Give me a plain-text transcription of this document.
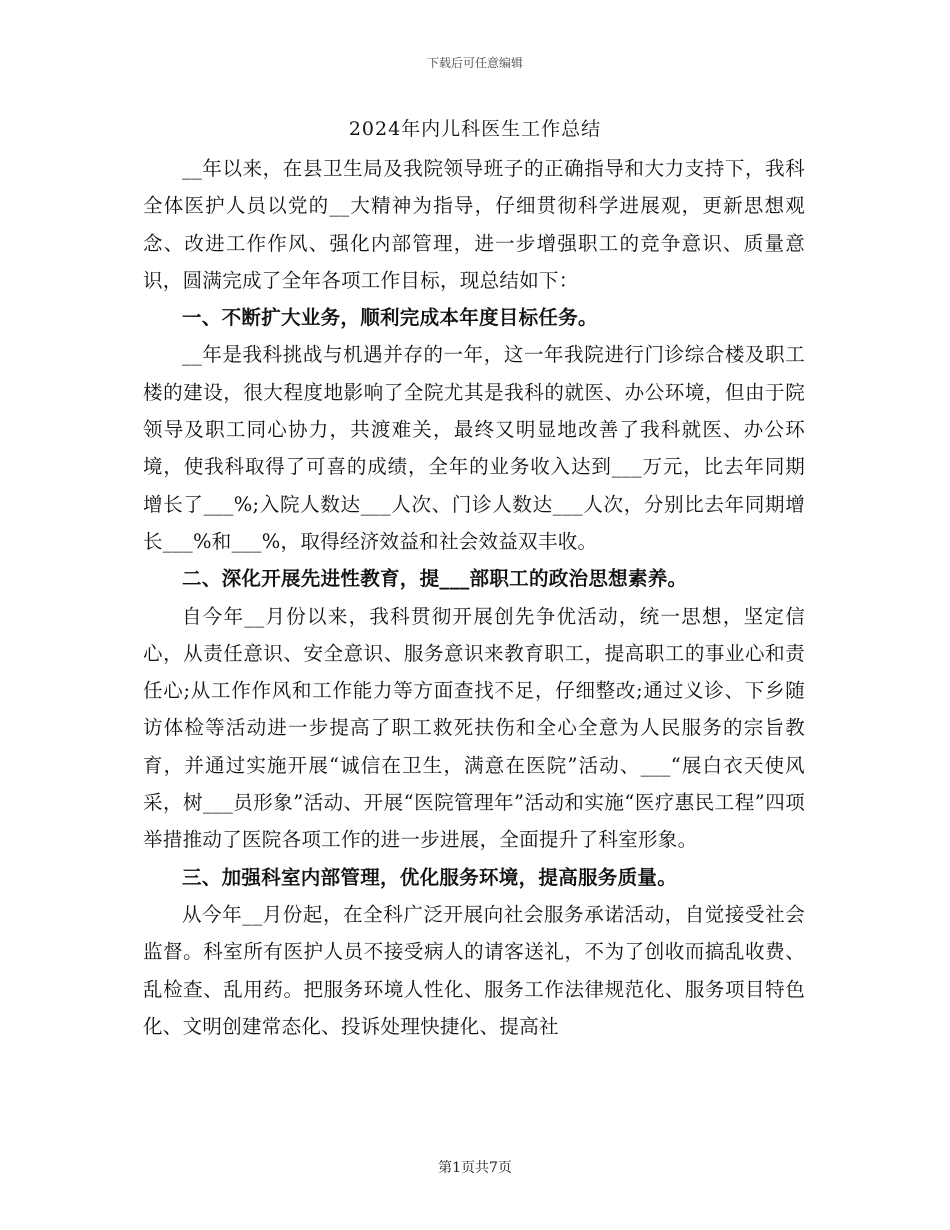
下载后可任意编辑
2024年内儿科医生工作总结

__年以来，在县卫生局及我院领导班子的正确指导和大力支持下，我科全体医护人员以党的__大精神为指导，仔细贯彻科学进展观，更新思想观念、改进工作作风、强化内部管理，进一步增强职工的竞争意识、质量意识，圆满完成了全年各项工作目标，现总结如下：

一、不断扩大业务，顺利完成本年度目标任务。

__年是我科挑战与机遇并存的一年，这一年我院进行门诊综合楼及职工楼的建设，很大程度地影响了全院尤其是我科的就医、办公环境，但由于院领导及职工同心协力，共渡难关，最终又明显地改善了我科就医、办公环境，使我科取得了可喜的成绩，全年的业务收入达到___万元，比去年同期增长了___%;入院人数达___人次、门诊人数达___人次，分别比去年同期增长___%和___%，取得经济效益和社会效益双丰收。

二、深化开展先进性教育，提___部职工的政治思想素养。

自今年__月份以来，我科贯彻开展创先争优活动，统一思想，坚定信心，从责任意识、安全意识、服务意识来教育职工，提高职工的事业心和责任心;从工作作风和工作能力等方面查找不足，仔细整改;通过义诊、下乡随访体检等活动进一步提高了职工救死扶伤和全心全意为人民服务的宗旨教育，并通过实施开展“诚信在卫生，满意在医院”活动、___“展白衣天使风采，树___员形象”活动、开展“医院管理年”活动和实施“医疗惠民工程”四项举措推动了医院各项工作的进一步进展，全面提升了科室形象。

三、加强科室内部管理，优化服务环境，提高服务质量。

从今年__月份起，在全科广泛开展向社会服务承诺活动，自觉接受社会监督。科室所有医护人员不接受病人的请客送礼，不为了创收而搞乱收费、乱检查、乱用药。把服务环境人性化、服务工作法律规范化、服务项目特色化、文明创建常态化、投诉处理快捷化、提高社

第1页共7页
